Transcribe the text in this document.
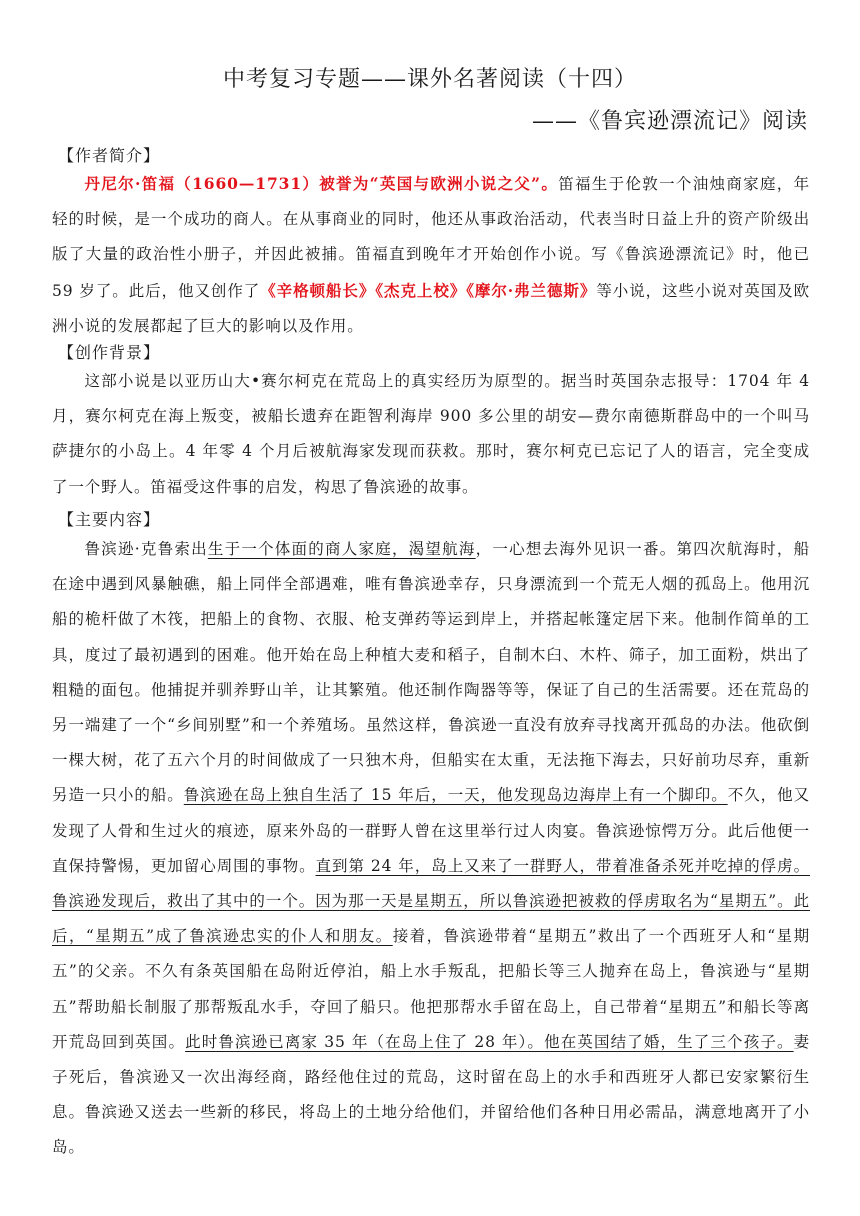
中考复习专题——课外名著阅读（十四）
——《鲁宾逊漂流记》阅读
【作者简介】
丹尼尔·笛福（1660—1731）被誉为“英国与欧洲小说之父”。笛福生于伦敦一个油烛商家庭，年轻的时候，是一个成功的商人。在从事商业的同时，他还从事政治活动，代表当时日益上升的资产阶级出版了大量的政治性小册子，并因此被捕。笛福直到晚年才开始创作小说。写《鲁滨逊漂流记》时，他已 59 岁了。此后，他又创作了《辛格顿船长》《杰克上校》《摩尔·弗兰德斯》等小说，这些小说对英国及欧洲小说的发展都起了巨大的影响以及作用。
【创作背景】
这部小说是以亚历山大•赛尔柯克在荒岛上的真实经历为原型的。据当时英国杂志报导：1704 年 4 月，赛尔柯克在海上叛变，被船长遗弃在距智利海岸 900 多公里的胡安—费尔南德斯群岛中的一个叫马萨捷尔的小岛上。4 年零 4 个月后被航海家发现而获救。那时，赛尔柯克已忘记了人的语言，完全变成了一个野人。笛福受这件事的启发，构思了鲁滨逊的故事。
【主要内容】
鲁滨逊·克鲁索出生于一个体面的商人家庭，渴望航海，一心想去海外见识一番。第四次航海时，船在途中遇到风暴触礁，船上同伴全部遇难，唯有鲁滨逊幸存，只身漂流到一个荒无人烟的孤岛上。他用沉船的桅杆做了木筏，把船上的食物、衣服、枪支弹药等运到岸上，并搭起帐篷定居下来。他制作简单的工具，度过了最初遇到的困难。他开始在岛上种植大麦和稻子，自制木臼、木杵、筛子，加工面粉，烘出了粗糙的面包。他捕捉并驯养野山羊，让其繁殖。他还制作陶器等等，保证了自己的生活需要。还在荒岛的另一端建了一个“乡间别墅”和一个养殖场。虽然这样，鲁滨逊一直没有放弃寻找离开孤岛的办法。他砍倒一棵大树，花了五六个月的时间做成了一只独木舟，但船实在太重，无法拖下海去，只好前功尽弃，重新另造一只小的船。鲁滨逊在岛上独自生活了 15 年后，一天，他发现岛边海岸上有一个脚印。不久，他又发现了人骨和生过火的痕迹，原来外岛的一群野人曾在这里举行过人肉宴。鲁滨逊惊愕万分。此后他便一直保持警惕，更加留心周围的事物。直到第 24 年，岛上又来了一群野人，带着准备杀死并吃掉的俘虏。鲁滨逊发现后，救出了其中的一个。因为那一天是星期五，所以鲁滨逊把被救的俘虏取名为“星期五”。此后，“星期五”成了鲁滨逊忠实的仆人和朋友。接着，鲁滨逊带着“星期五”救出了一个西班牙人和“星期五”的父亲。不久有条英国船在岛附近停泊，船上水手叛乱，把船长等三人抛弃在岛上，鲁滨逊与“星期五”帮助船长制服了那帮叛乱水手，夺回了船只。他把那帮水手留在岛上，自己带着“星期五”和船长等离开荒岛回到英国。此时鲁滨逊已离家 35 年（在岛上住了 28 年）。他在英国结了婚，生了三个孩子。妻子死后，鲁滨逊又一次出海经商，路经他住过的荒岛，这时留在岛上的水手和西班牙人都已安家繁衍生息。鲁滨逊又送去一些新的移民，将岛上的土地分给他们，并留给他们各种日用必需品，满意地离开了小岛。
